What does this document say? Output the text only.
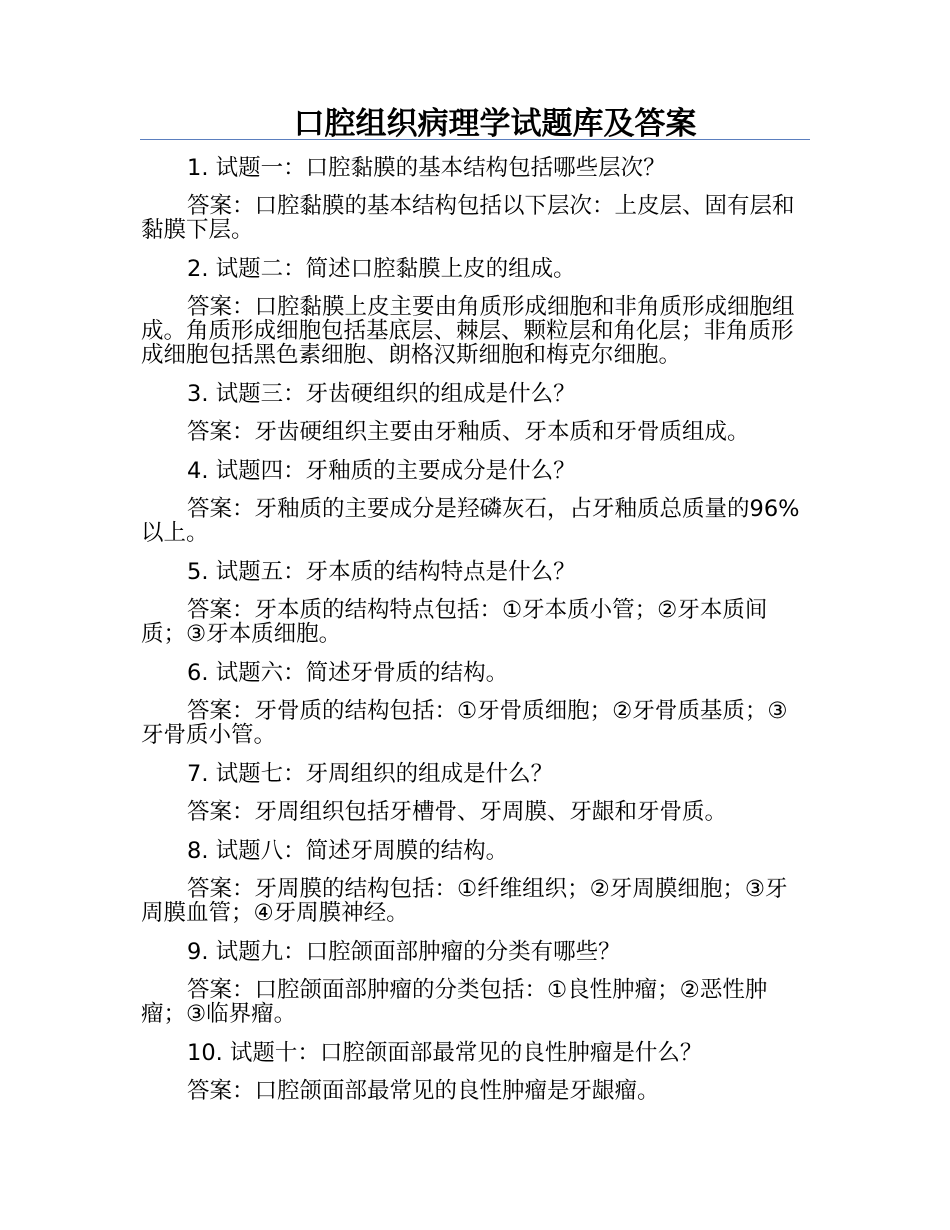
口腔组织病理学试题库及答案

1. 试题一：口腔黏膜的基本结构包括哪些层次？

答案：口腔黏膜的基本结构包括以下层次：上皮层、固有层和黏膜下层。

2. 试题二：简述口腔黏膜上皮的组成。

答案：口腔黏膜上皮主要由角质形成细胞和非角质形成细胞组成。角质形成细胞包括基底层、棘层、颗粒层和角化层；非角质形成细胞包括黑色素细胞、朗格汉斯细胞和梅克尔细胞。

3. 试题三：牙齿硬组织的组成是什么？

答案：牙齿硬组织主要由牙釉质、牙本质和牙骨质组成。

4. 试题四：牙釉质的主要成分是什么？

答案：牙釉质的主要成分是羟磷灰石，占牙釉质总质量的96%以上。

5. 试题五：牙本质的结构特点是什么？

答案：牙本质的结构特点包括：①牙本质小管；②牙本质间质；③牙本质细胞。

6. 试题六：简述牙骨质的结构。

答案：牙骨质的结构包括：①牙骨质细胞；②牙骨质基质；③牙骨质小管。

7. 试题七：牙周组织的组成是什么？

答案：牙周组织包括牙槽骨、牙周膜、牙龈和牙骨质。

8. 试题八：简述牙周膜的结构。

答案：牙周膜的结构包括：①纤维组织；②牙周膜细胞；③牙周膜血管；④牙周膜神经。

9. 试题九：口腔颌面部肿瘤的分类有哪些？

答案：口腔颌面部肿瘤的分类包括：①良性肿瘤；②恶性肿瘤；③临界瘤。

10. 试题十：口腔颌面部最常见的良性肿瘤是什么？

答案：口腔颌面部最常见的良性肿瘤是牙龈瘤。
